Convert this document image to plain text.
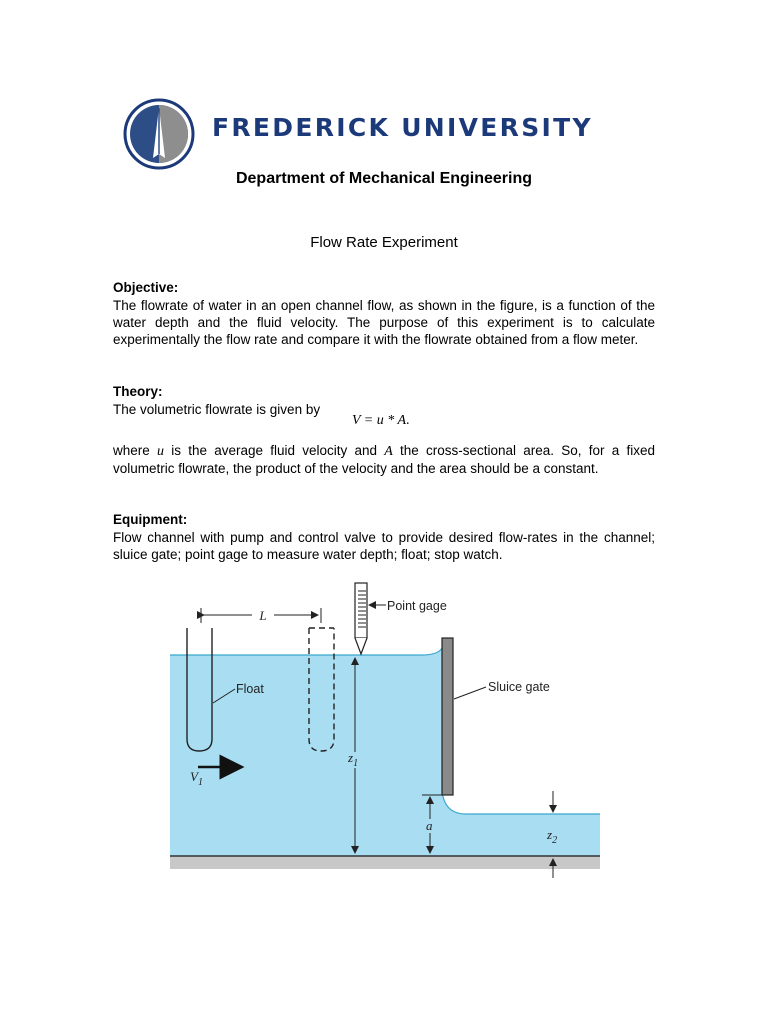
FREDERICK UNIVERSITY
Department of Mechanical Engineering
Flow Rate Experiment
Objective:
The flowrate of water in an open channel flow, as shown in the figure, is a function of the water depth and the fluid velocity. The purpose of this experiment is to calculate experimentally the flow rate and compare it with the flowrate obtained from a flow meter.
Theory:
The volumetric flowrate is given by
V = u * A.
where u is the average fluid velocity and A the cross-sectional area. So, for a fixed volumetric flowrate, the product of the velocity and the area should be a constant.
Equipment:
Flow channel with pump and control valve to provide desired flow-rates in the channel; sluice gate; point gage to measure water depth; float; stop watch.
L
Float
$V_1$
Point gage
Sluice gate
$z_1$
a
$z_2$
